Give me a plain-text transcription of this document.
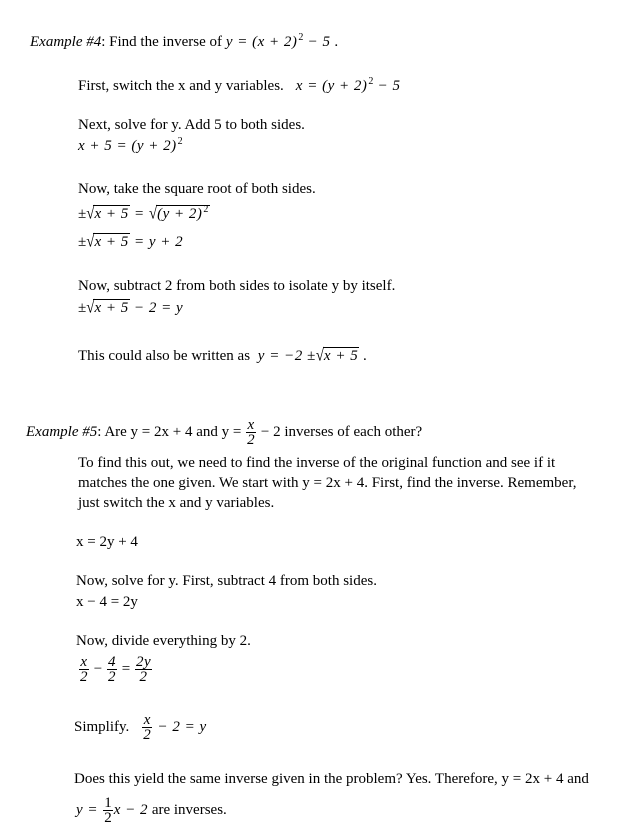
Example #4: Find the inverse of $y = (x + 2)^2 - 5$ .
First, switch the x and y variables. $x = (y + 2)^2 - 5$
Next, solve for y. Add 5 to both sides.
$x + 5 = (y + 2)^2$
Now, take the square root of both sides.
$\pm√x + 5 = √(y + 2)^2$
±√x + 5 = y + 2
Now, subtract 2 from both sides to isolate y by itself.
±√x + 5 − 2 = y
This could also be written as y = −2 ±√x + 5 .
Example #5: Are y = 2x + 4 and $y = \frac{x}{2} - 2$ inverses of each other?
To find this out, we need to find the inverse of the original function and see if it
matches the one given. We start with y = 2x + 4. First, find the inverse. Remember,
just switch the x and y variables.
x = 2y + 4
Now, solve for y. First, subtract 4 from both sides.
x − 4 = 2y
Now, divide everything by 2.
$\frac{x}{2} - \frac{4}{2} = \frac{2y}{2}$
Simplify. $\frac{x}{2} - 2 = y$
Does this yield the same inverse given in the problem? Yes. Therefore, y = 2x + 4 and
$y = \frac{1}{2}$ x − 2 are inverses.
